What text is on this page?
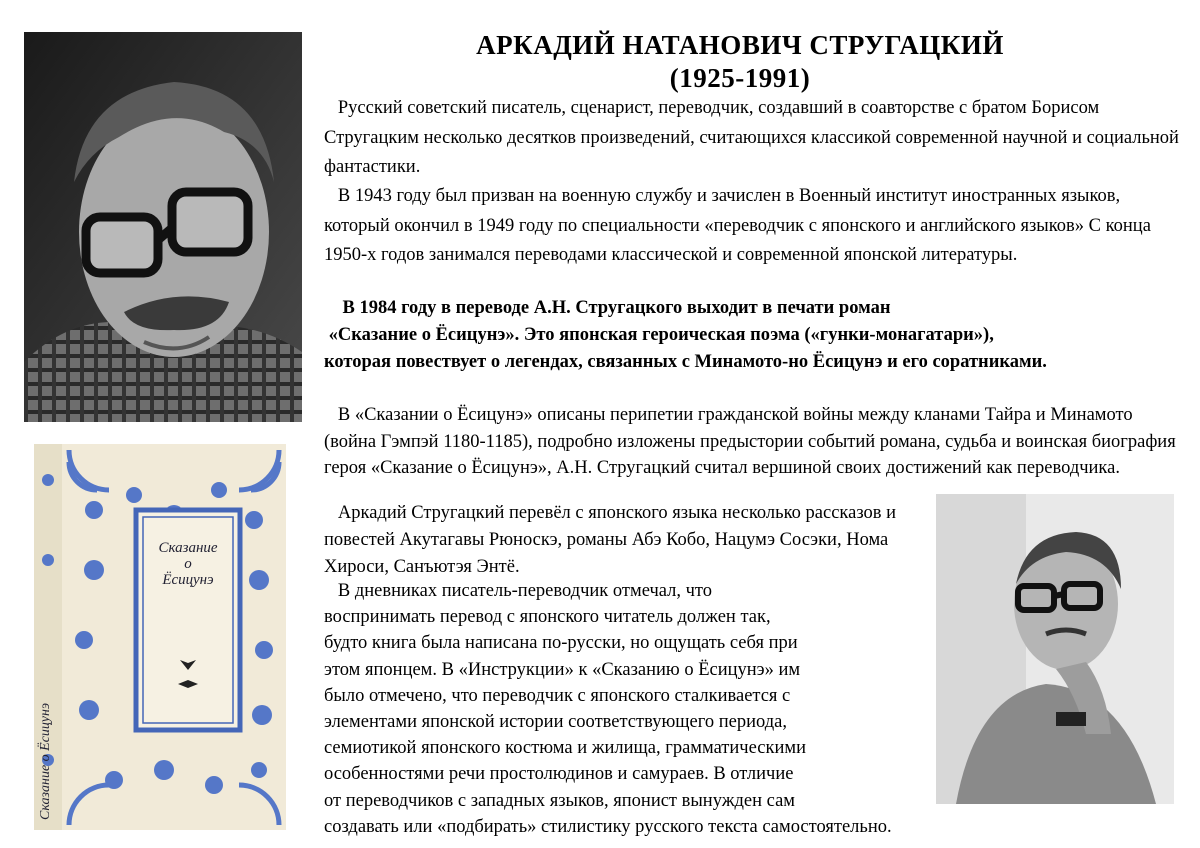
Сказание
о
Ёсицунэ
Сказание о Ёсицунэ
АРКАДИЙ НАТАНОВИЧ СТРУГАЦКИЙ
(1925-1991)

Русский советский писатель, сценарист, переводчик, создавший в соавторстве с братом Борисом Стругацким несколько десятков произведений, считающихся классикой современной научной и социальной фантастики.

В 1943 году был призван на военную службу и зачислен в Военный институт иностранных языков, который окончил в 1949 году по специальности «переводчик с японского и английского языков» С конца 1950-х годов занимался переводами классической и современной японской литературы.

В 1984 году в переводе А.Н. Стругацкого выходит в печати роман
«Сказание о Ёсицунэ». Это японская героическая поэма («гунки-монагатари»),
которая повествует о легендах, связанных с Минамото-но Ёсицунэ и его соратниками.

В «Сказании о Ёсицунэ» описаны перипетии гражданской войны между кланами Тайра и Минамото (война Гэмпэй 1180-1185), подробно изложены предыстории событий романа, судьба и воинская биография героя «Сказание о Ёсицунэ», А.Н. Стругацкий считал вершиной своих достижений как переводчика.

Аркадий Стругацкий перевёл с японского языка несколько рассказов и повестей Акутагавы Рюноскэ, романы Абэ Кобо, Нацумэ Сосэки, Нома Хироси, Санъютэя Энтё.

В дневниках писатель-переводчик отмечал, что
воспринимать перевод с японского читатель должен так,
будто книга была написана по-русски, но ощущать себя при
этом японцем. В «Инструкции» к «Сказанию о Ёсицунэ» им
было отмечено, что переводчик с японского сталкивается с
элементами японской истории соответствующего периода,
семиотикой японского костюма и жилища, грамматическими
особенностями речи простолюдинов и самураев. В отличие
от переводчиков с западных языков, японист вынужден сам
создавать или «подбирать» стилистику русского текста самостоятельно.
